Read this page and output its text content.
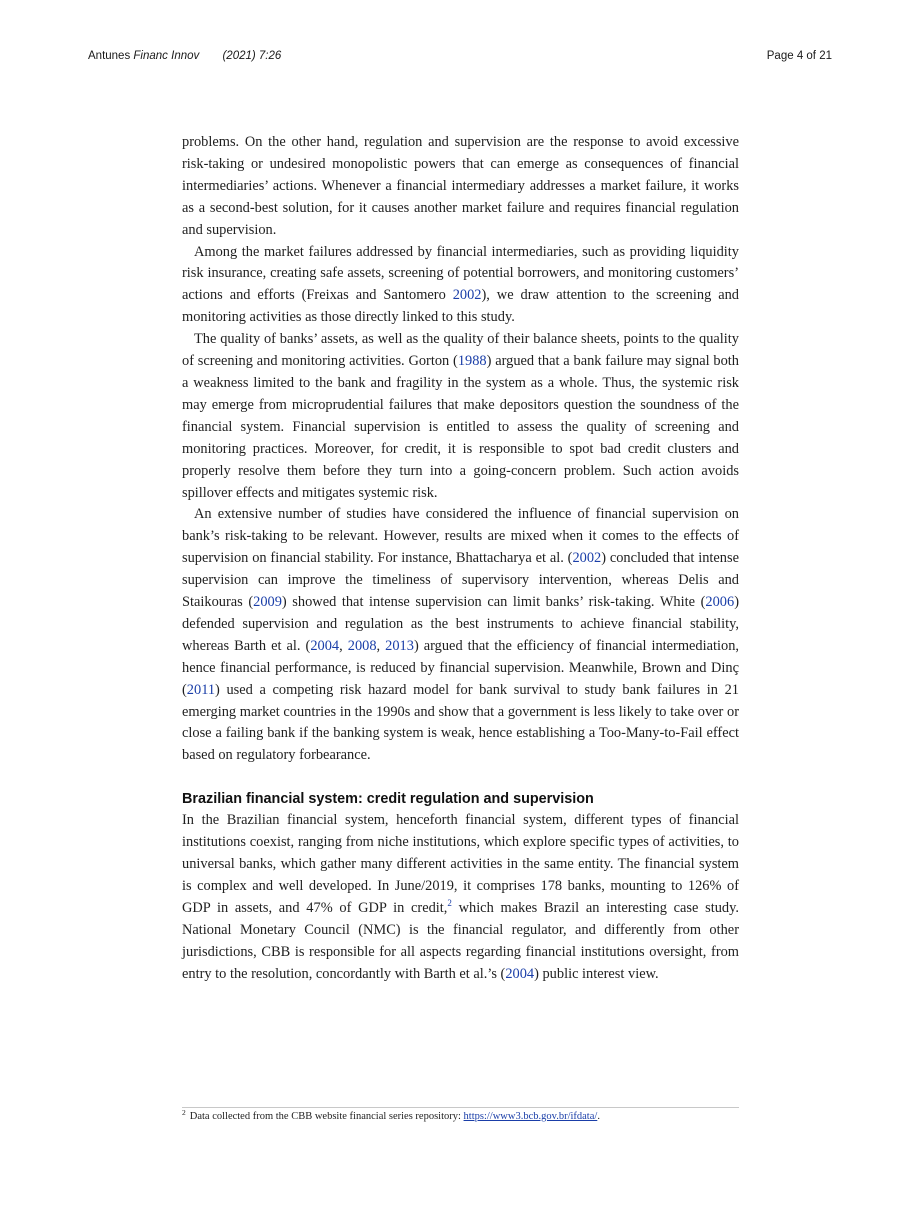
Antunes Financ Innov (2021) 7:26	Page 4 of 21

problems. On the other hand, regulation and supervision are the response to avoid excessive risk-taking or undesired monopolistic powers that can emerge as consequences of financial intermediaries’ actions. Whenever a financial intermediary addresses a market failure, it works as a second-best solution, for it causes another market failure and requires financial regulation and supervision.

Among the market failures addressed by financial intermediaries, such as providing liquidity risk insurance, creating safe assets, screening of potential borrowers, and monitoring customers’ actions and efforts (Freixas and Santomero 2002), we draw attention to the screening and monitoring activities as those directly linked to this study.

The quality of banks’ assets, as well as the quality of their balance sheets, points to the quality of screening and monitoring activities. Gorton (1988) argued that a bank failure may signal both a weakness limited to the bank and fragility in the system as a whole. Thus, the systemic risk may emerge from microprudential failures that make depositors question the soundness of the financial system. Financial supervision is entitled to assess the quality of screening and monitoring practices. Moreover, for credit, it is responsible to spot bad credit clusters and properly resolve them before they turn into a going-concern problem. Such action avoids spillover effects and mitigates systemic risk.

An extensive number of studies have considered the influence of financial supervision on bank’s risk-taking to be relevant. However, results are mixed when it comes to the effects of supervision on financial stability. For instance, Bhattacharya et al. (2002) concluded that intense supervision can improve the timeliness of supervisory intervention, whereas Delis and Staikouras (2009) showed that intense supervision can limit banks’ risk-taking. White (2006) defended supervision and regulation as the best instruments to achieve financial stability, whereas Barth et al. (2004, 2008, 2013) argued that the efficiency of financial intermediation, hence financial performance, is reduced by financial supervision. Meanwhile, Brown and Dinç (2011) used a competing risk hazard model for bank survival to study bank failures in 21 emerging market countries in the 1990s and show that a government is less likely to take over or close a failing bank if the banking system is weak, hence establishing a Too-Many-to-Fail effect based on regulatory forbearance.

Brazilian financial system: credit regulation and supervision

In the Brazilian financial system, henceforth financial system, different types of financial institutions coexist, ranging from niche institutions, which explore specific types of activities, to universal banks, which gather many different activities in the same entity. The financial system is complex and well developed. In June/2019, it comprises 178 banks, mounting to 126% of GDP in assets, and 47% of GDP in credit,$^2$ which makes Brazil an interesting case study. National Monetary Council (NMC) is the financial regulator, and differently from other jurisdictions, CBB is responsible for all aspects regarding financial institutions oversight, from entry to the resolution, concordantly with Barth et al.’s (2004) public interest view.

$^2$ Data collected from the CBB website financial series repository: https://www3.bcb.gov.br/ifdata/.
